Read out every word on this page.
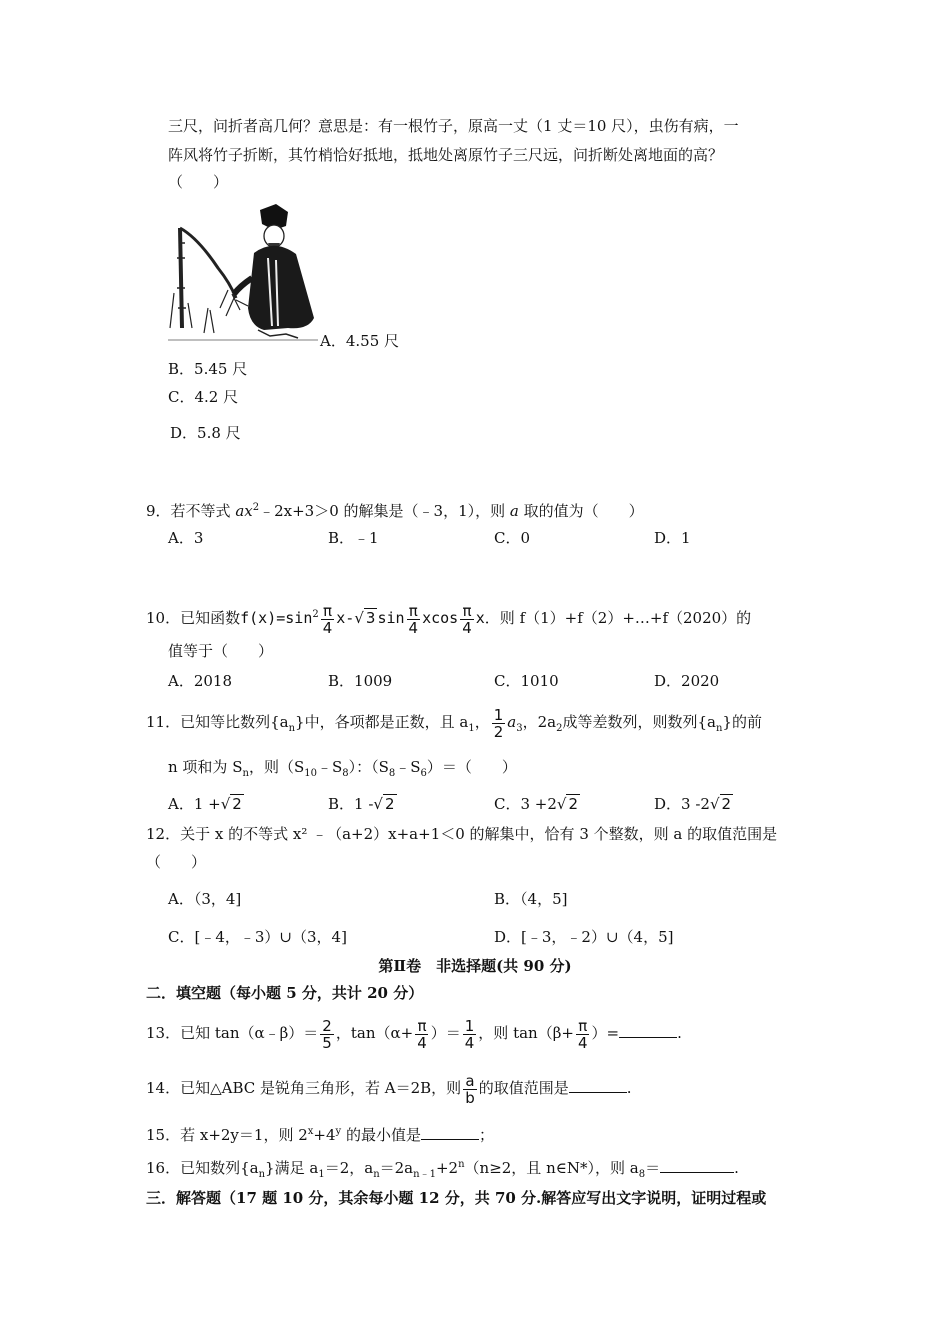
三尺，问折者高几何？意思是：有一根竹子，原高一丈（1 丈＝10 尺），虫伤有病，一
阵风将竹子折断，其竹梢恰好抵地，抵地处离原竹子三尺远，问折断处离地面的高？
（　　）
A．4.55 尺
B．5.45 尺
C．4.2 尺
D．5.8 尺
9．若不等式 $ax^2﹣2x+3>0$ 的解集是（﹣3，1），则 a 取的值为（　　）
A．3	B．﹣1	C．0	D．1
10．已知函数$f(x)=\sin^2 \frac{\pi}{4} x-√$ 3 $\sin \frac{\pi}{4}$ xcos $\frac{\pi}{4}$ x．则 f（1）+f（2）+…+f（2020）的
值等于（　　）
A．2018	B．1009	C．1010	D．2020
11．已知等比数列$\{a_n\}$中，各项都是正数，且 $a_1$， $\frac{1}{2} a_3$，$2a_2$成等差数列，则数列$\{a_n\}$的前
n 项和为 $S_n$，则$(S_{10}﹣S_8)$：$(S_8﹣S_6)=$（　　）
A．1 +√ 2	B．1 -√ 2	C．3 +2√ 2	D．3 -2√ 2
12．关于 x 的不等式 x² ﹣（a+2）x+a+1＜0 的解集中，恰有 3 个整数，则 a 的取值范围是
（　　）
A．（3，4]	B．（4，5]
C．[﹣4，﹣3）∪（3，4]	D．[﹣3，﹣2）∪（4，5]
第Ⅱ卷　非选择题(共 90 分)
二．填空题（每小题 5 分，共计 20 分）
13．已知 tan（α﹣β）＝ $\frac{2}{5}$ ，$\tan(\alpha+ \frac{\pi}{4}$ ）＝ $\frac{1}{4}$ ，则 $\tan(\beta+ \frac{\pi}{4}$ ）=	.
14．已知△ABC 是锐角三角形，若 A＝2B，则 $\frac{a}{b}$ 的取值范围是	.
15．若 x+2y＝1，则 $2^x+4^y$ 的最小值是	；
16．已知数列$\{a_n\}$满足 $a_1=2$，$a_n=2a_{n﹣1}+2^n(n\ge 2$，且 n∈N*），则 $a_8=$	.
三．解答题（17 题 10 分，其余每小题 12 分，共 70 分.解答应写出文字说明，证明过程或
